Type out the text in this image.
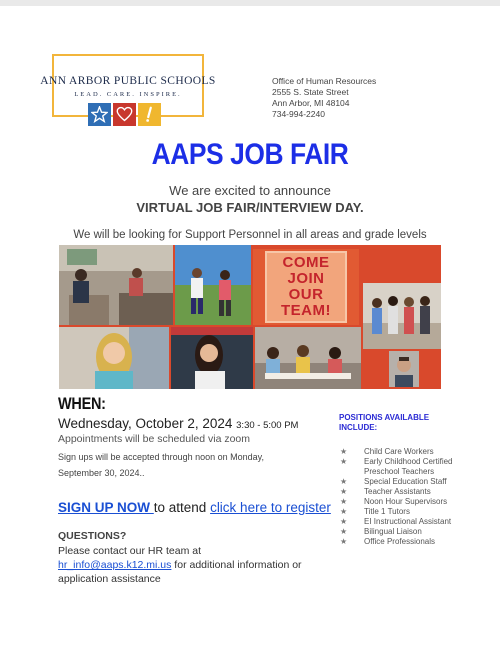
ANN ARBOR PUBLIC SCHOOLS
LEAD. CARE. INSPIRE.
Office of Human Resources
2555 S. State Street
Ann Arbor, MI 48104
734-994-2240
AAPS JOB FAIR
We are excited to announce
VIRTUAL JOB FAIR/INTERVIEW DAY.
We will be looking for Support Personnel in all areas and grade levels
COME
JOIN
OUR
TEAM!
WHEN:
Wednesday, October 2, 2024 3:30 - 5:00 PM
Appointments will be scheduled via zoom
Sign ups will be accepted through noon on Monday, September 30, 2024..
SIGN UP NOW to attend click here to register
QUESTIONS?
Please contact our HR team at
hr_info@aaps.k12.mi.us for additional information or application assistance
POSITIONS AVAILABLE INCLUDE:
★ Child Care Workers
★ Early Childhood Certified Preschool Teachers
★ Special Education Staff
★ Teacher Assistants
★ Noon Hour Supervisors
★ Title 1 Tutors
★ EI Instructional Assistant
★ Bilingual Liaison
★ Office Professionals
